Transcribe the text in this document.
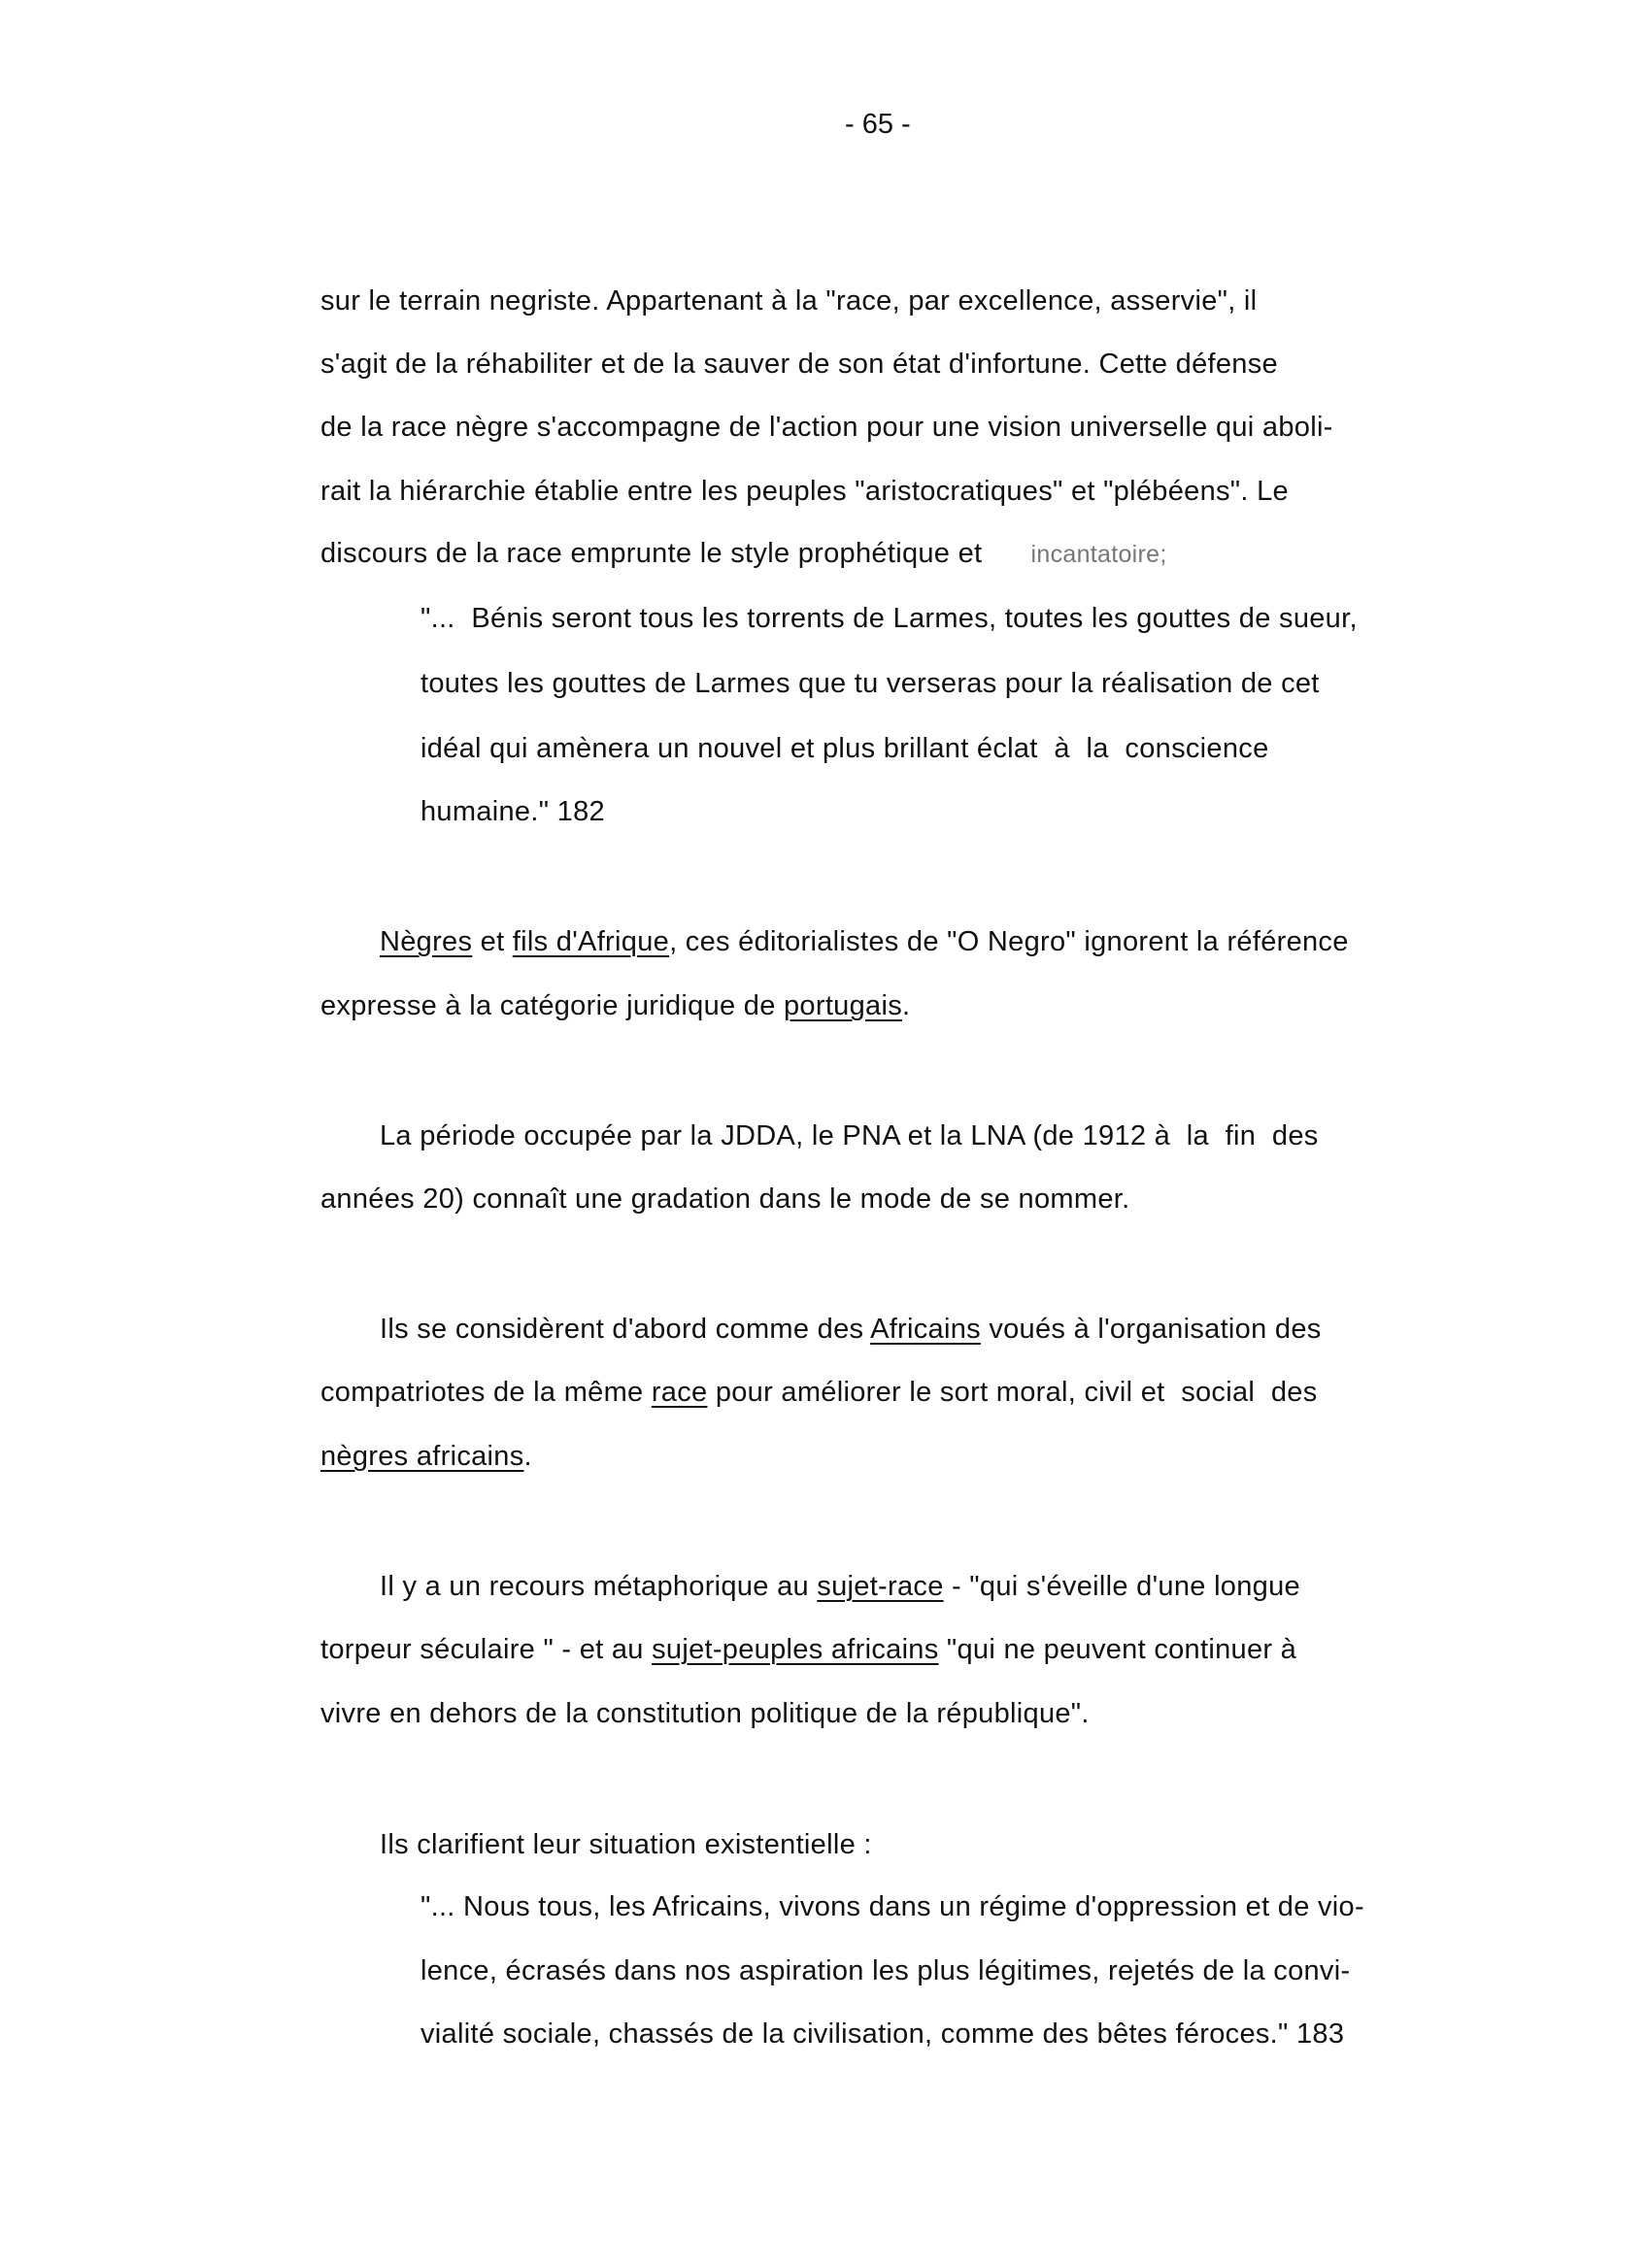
- 65 -
sur le terrain negriste. Appartenant à la "race, par excellence, asservie", il
s'agit de la réhabiliter et de la sauver de son état d'infortune. Cette défense
de la race nègre s'accompagne de l'action pour une vision universelle qui aboli-
rait la hiérarchie établie entre les peuples "aristocratiques" et "plébéens". Le
discours de la race emprunte le style prophétique et      incantatoire;
"...  Bénis seront tous les torrents de Larmes, toutes les gouttes de sueur,
toutes les gouttes de Larmes que tu verseras pour la réalisation de cet
idéal qui amènera un nouvel et plus brillant éclat  à  la  conscience
humaine." 182
Nègres et fils d'Afrique, ces éditorialistes de "O Negro" ignorent la référence
expresse à la catégorie juridique de portugais.
La période occupée par la JDDA, le PNA et la LNA (de 1912 à  la  fin  des
années 20) connaît une gradation dans le mode de se nommer.
Ils se considèrent d'abord comme des Africains voués à l'organisation des
compatriotes de la même race pour améliorer le sort moral, civil et  social  des
nègres africains.
Il y a un recours métaphorique au sujet-race - "qui s'éveille d'une longue
torpeur séculaire " - et au sujet-peuples africains "qui ne peuvent continuer à
vivre en dehors de la constitution politique de la république".
Ils clarifient leur situation existentielle :
"... Nous tous, les Africains, vivons dans un régime d'oppression et de vio-
lence, écrasés dans nos aspiration les plus légitimes, rejetés de la convi-
vialité sociale, chassés de la civilisation, comme des bêtes féroces." 183
